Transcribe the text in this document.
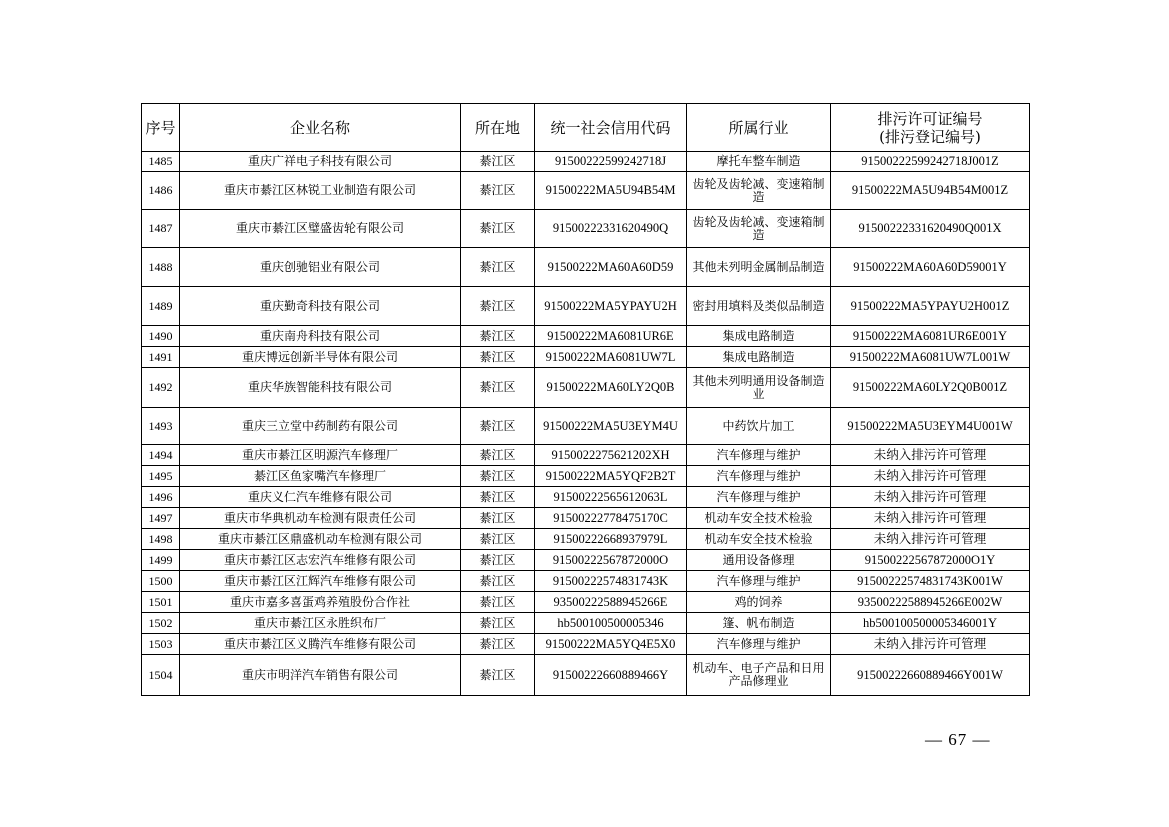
序号	企业名称	所在地	统一社会信用代码	所属行业	排污许可证编号
(排污登记编号)
1485	重庆广祥电子科技有限公司	綦江区	91500222599242718J	摩托车整车制造	91500222599242718J001Z
1486	重庆市綦江区林锐工业制造有限公司	綦江区	91500222MA5U94B54M	齿轮及齿轮减、变速箱制造	91500222MA5U94B54M001Z
1487	重庆市綦江区璧盛齿轮有限公司	綦江区	91500222331620490Q	齿轮及齿轮减、变速箱制造	91500222331620490Q001X
1488	重庆创驰铝业有限公司	綦江区	91500222MA60A60D59	其他未列明金属制品制造	91500222MA60A60D59001Y
1489	重庆勤奇科技有限公司	綦江区	91500222MA5YPAYU2H	密封用填料及类似品制造	91500222MA5YPAYU2H001Z
1490	重庆南舟科技有限公司	綦江区	91500222MA6081UR6E	集成电路制造	91500222MA6081UR6E001Y
1491	重庆博远创新半导体有限公司	綦江区	91500222MA6081UW7L	集成电路制造	91500222MA6081UW7L001W
1492	重庆华族智能科技有限公司	綦江区	91500222MA60LY2Q0B	其他未列明通用设备制造业	91500222MA60LY2Q0B001Z
1493	重庆三立堂中药制药有限公司	綦江区	91500222MA5U3EYM4U	中药饮片加工	91500222MA5U3EYM4U001W
1494	重庆市綦江区明源汽车修理厂	綦江区	9150022275621202XH	汽车修理与维护	未纳入排污许可管理
1495	綦江区鱼家嘴汽车修理厂	綦江区	91500222MA5YQF2B2T	汽车修理与维护	未纳入排污许可管理
1496	重庆义仁汽车维修有限公司	綦江区	91500222565612063L	汽车修理与维护	未纳入排污许可管理
1497	重庆市华典机动车检测有限责任公司	綦江区	91500222778475170C	机动车安全技术检验	未纳入排污许可管理
1498	重庆市綦江区鼎盛机动车检测有限公司	綦江区	91500222668937979L	机动车安全技术检验	未纳入排污许可管理
1499	重庆市綦江区志宏汽车维修有限公司	綦江区	91500222567872000O	通用设备修理	91500222567872000O1Y
1500	重庆市綦江区江辉汽车维修有限公司	綦江区	91500222574831743K	汽车修理与维护	91500222574831743K001W
1501	重庆市嘉多喜蛋鸡养殖股份合作社	綦江区	93500222588945266E	鸡的饲养	93500222588945266E002W
1502	重庆市綦江区永胜织布厂	綦江区	hb500100500005346	篷、帆布制造	hb500100500005346001Y
1503	重庆市綦江区义腾汽车维修有限公司	綦江区	91500222MA5YQ4E5X0	汽车修理与维护	未纳入排污许可管理
1504	重庆市明洋汽车销售有限公司	綦江区	91500222660889466Y	机动车、电子产品和日用产品修理业	91500222660889466Y001W
— 67 —
